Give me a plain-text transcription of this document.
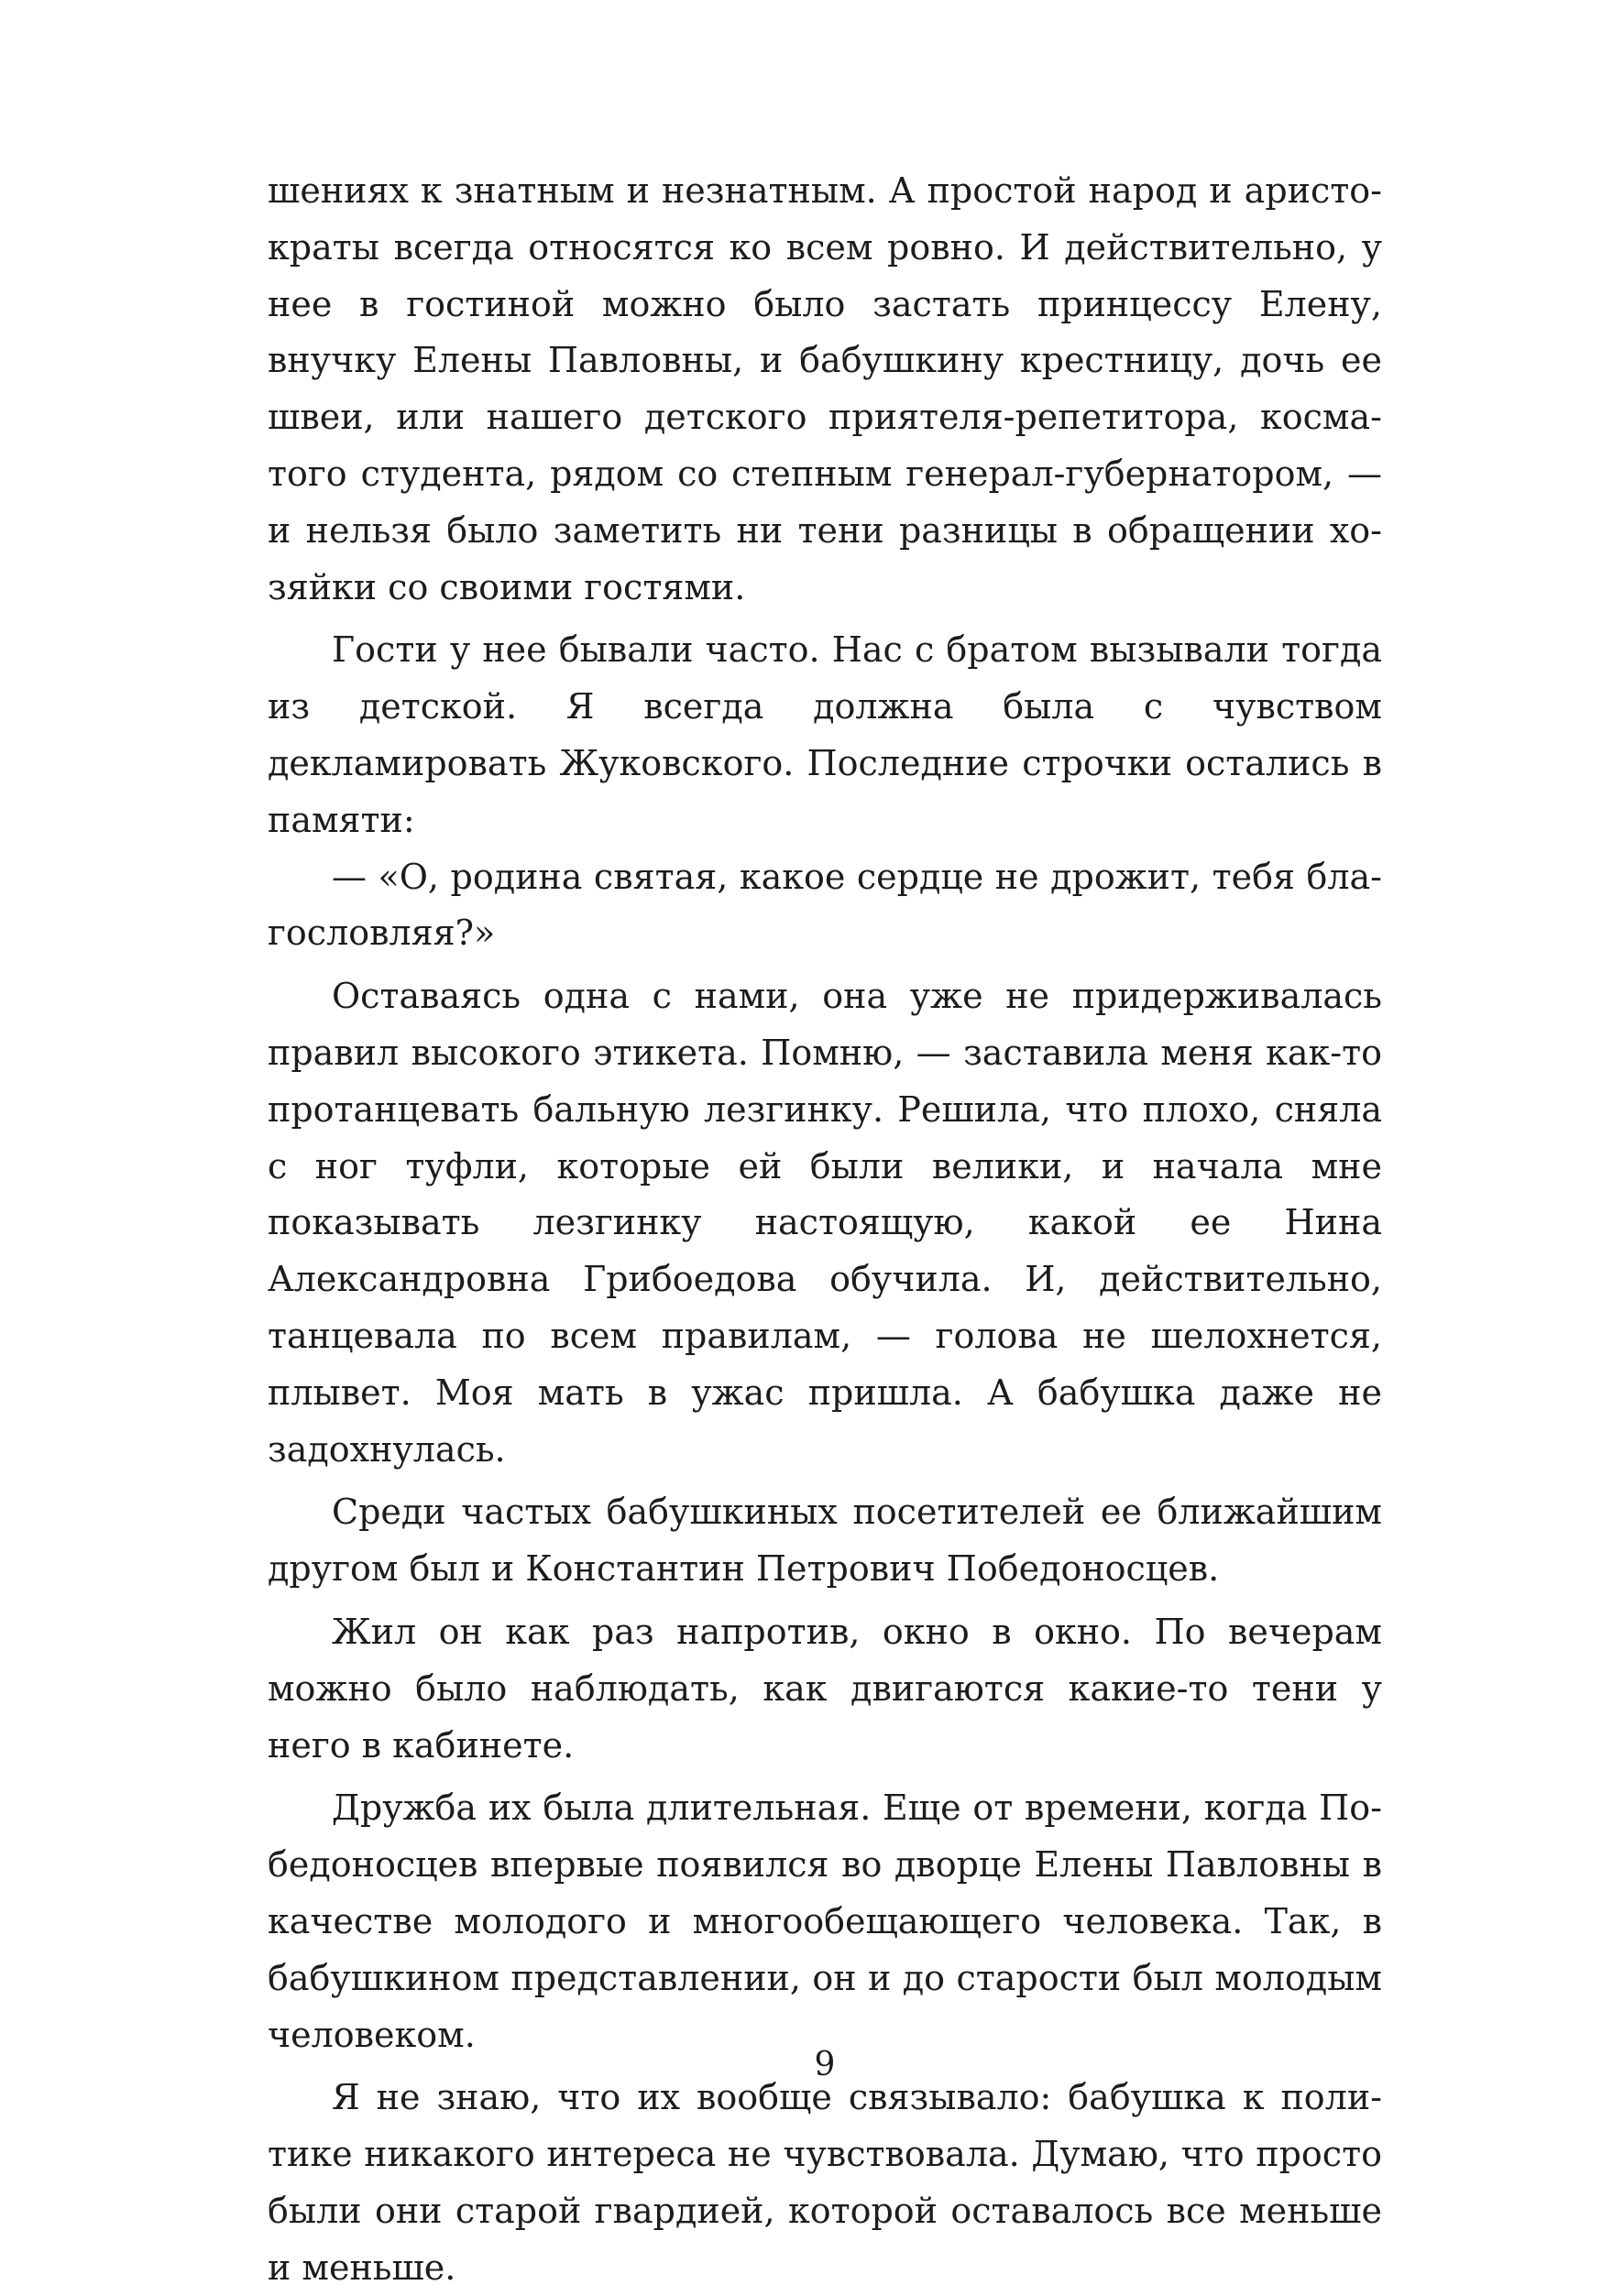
шениях к знатным и незнатным. А простой народ и аристократы всегда относятся ко всем ровно. И действительно, у нее в гостиной можно было застать принцессу Елену, внучку Елены Павловны, и бабушкину крестницу, дочь ее швеи, или нашего детского приятеля-репетитора, косматого студента, рядом со степным генерал-губернатором, — и нельзя было заметить ни тени разницы в обращении хозяйки со своими гостями.

Гости у нее бывали часто. Нас с братом вызывали тогда из детской. Я всегда должна была с чувством декламировать Жуковского. Последние строчки остались в памяти:

— «О, родина святая, какое сердце не дрожит, тебя благословляя?»

Оставаясь одна с нами, она уже не придерживалась правил высокого этикета. Помню, — заставила меня как-то протанцевать бальную лезгинку. Решила, что плохо, сняла с ног туфли, которые ей были велики, и начала мне показывать лезгинку настоящую, какой ее Нина Александровна Грибоедова обучила. И, действительно, танцевала по всем правилам, — голова не шелохнется, плывет. Моя мать в ужас пришла. А бабушка даже не задохнулась.

Среди частых бабушкиных посетителей ее ближайшим другом был и Константин Петрович Победоносцев.

Жил он как раз напротив, окно в окно. По вечерам можно было наблюдать, как двигаются какие-то тени у него в кабинете.

Дружба их была длительная. Еще от времени, когда Победоносцев впервые появился во дворце Елены Павловны в качестве молодого и многообещающего человека. Так, в бабушкином представлении, он и до старости был молодым человеком.

Я не знаю, что их вообще связывало: бабушка к политике никакого интереса не чувствовала. Думаю, что просто были они старой гвардией, которой оставалось все меньше и меньше.

9
